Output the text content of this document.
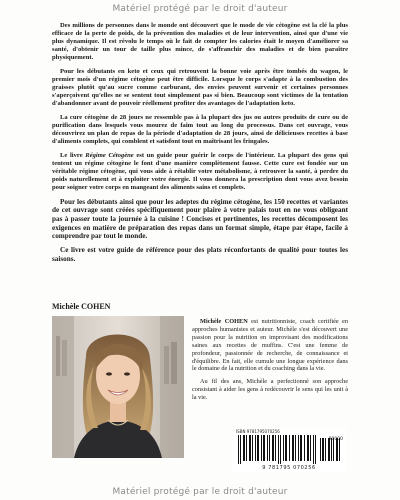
Matériel protégé par le droit d'auteur

Des millions de personnes dans le monde ont découvert que le mode de vie cétogène est la clé la plus efficace de la perte de poids, de la prévention des maladies et de leur intervention, ainsi que d'une vie plus dynamique. Il est révolu le temps où le fait de compter les calories était le moyen d'améliorer sa santé, d'obtenir un tour de taille plus mince, de s'affranchir des maladies et de bien paraître physiquement.

Pour les débutants en keto et ceux qui retrouvent la bonne voie après être tombés du wagon, le premier mois d'un régime cétogène peut être difficile. Lorsque le corps s'adapte à la combustion des graisses plutôt qu'au sucre comme carburant, des envies peuvent survenir et certaines personnes s'aperçoivent qu'elles ne se sentent tout simplement pas si bien. Beaucoup sont victimes de la tentation d'abandonner avant de pouvoir réellement profiter des avantages de l'adaptation keto.

La cure cétogène de 28 jours ne ressemble pas à la plupart des jus ou autres produits de cure ou de purification dans lesquels vous mourez de faim tout au long du processus. Dans cet ouvrage, vous découvrirez un plan de repas de la période d'adaptation de 28 jours, ainsi de délicieuses recettes à base d'aliments complets, qui comblent et satisfont tout en maîtrisant les fringales.

Le livre Régime Cétogène est un guide pour guérir le corps de l'intérieur. La plupart des gens qui tentent un régime cétogène le font d'une manière complètement fausse. Cette cure est fondée sur un véritable régime cétogène, qui vous aide à rétablir votre métabolisme, à retrouver la santé, à perdre du poids naturellement et à exploiter votre énergie. Il vous donnera la prescription dont vous avez besoin pour soigner votre corps en mangeant des aliments sains et complets.

Pour les débutants ainsi que pour les adeptes du régime cétogène, les 150 recettes et variantes de cet ouvrage sont créées spécifiquement pour plaire à votre palais tout en ne vous obligeant pas à passer toute la journée à la cuisine ! Concises et pertinentes, les recettes décomposent les exigences en matière de préparation des repas dans un format simple, étape par étape, facile à comprendre par tout le monde.

Ce livre est votre guide de référence pour des plats réconfortants de qualité pour toutes les saisons.

Michèle COHEN

Michèle COHEN est nutritionniste, coach certifiée en approches humanistes et auteur. Michèle s'est découvert une passion pour la nutrition en improvisant des modifications saines aux recettes de muffins. C'est une femme de profondeur, passionnée de recherche, de connaissance et d'équilibre. En fait, elle cumule une longue expérience dans le domaine de la nutrition et du coaching dans la vie.

Au fil des ans, Michèle a perfectionné son approche consistant à aider les gens à redécouvrir le sens qui les unit à la vie.

ISBN 9781795070256
90000
9 781795 070256
Matériel protégé par le droit d'auteur
